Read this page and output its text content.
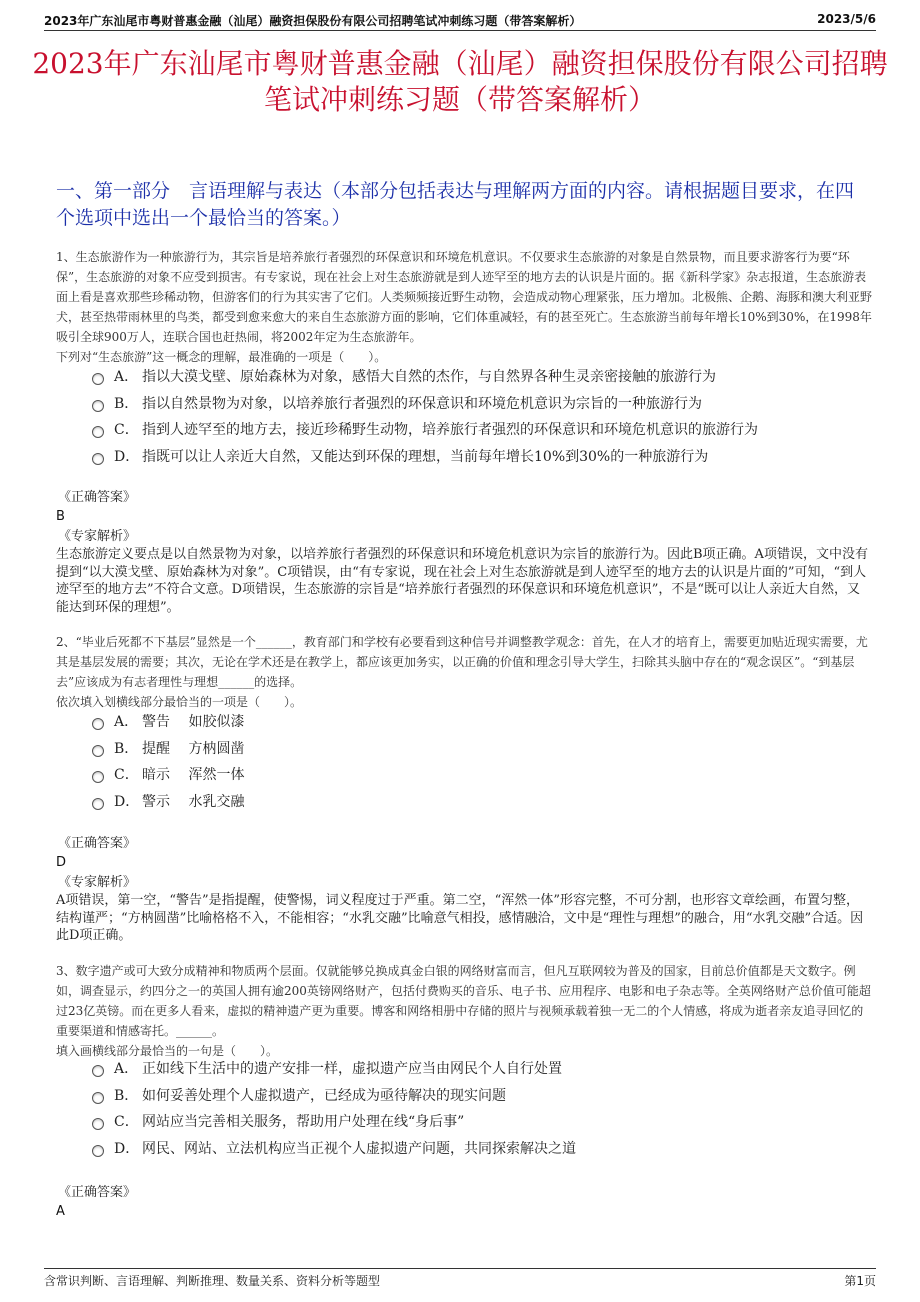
2023年广东汕尾市粤财普惠金融（汕尾）融资担保股份有限公司招聘笔试冲刺练习题（带答案解析）	2023/5/6
2023年广东汕尾市粤财普惠金融（汕尾）融资担保股份有限公司招聘笔试冲刺练习题（带答案解析）
一、第一部分　言语理解与表达（本部分包括表达与理解两方面的内容。请根据题目要求，在四个选项中选出一个最恰当的答案。）

1、生态旅游作为一种旅游行为，其宗旨是培养旅行者强烈的环保意识和环境危机意识。不仅要求生态旅游的对象是自然景物，而且要求游客行为要“环保”，生态旅游的对象不应受到损害。有专家说，现在社会上对生态旅游就是到人迹罕至的地方去的认识是片面的。据《新科学家》杂志报道，生态旅游表面上看是喜欢那些珍稀动物，但游客们的行为其实害了它们。人类频频接近野生动物，会造成动物心理紧张，压力增加。北极熊、企鹅、海豚和澳大利亚野犬，甚至热带雨林里的鸟类，都受到愈来愈大的来自生态旅游方面的影响，它们体重减轻，有的甚至死亡。生态旅游当前每年增长10%到30%，在1998年吸引全球900万人，连联合国也赶热闹，将2002年定为生态旅游年。

下列对“生态旅游”这一概念的理解，最准确的一项是（　　）。

A． 指以大漠戈壁、原始森林为对象，感悟大自然的杰作，与自然界各种生灵亲密接触的旅游行为
B． 指以自然景物为对象，以培养旅行者强烈的环保意识和环境危机意识为宗旨的一种旅游行为
C． 指到人迹罕至的地方去，接近珍稀野生动物，培养旅行者强烈的环保意识和环境危机意识的旅游行为
D． 指既可以让人亲近大自然，又能达到环保的理想，当前每年增长10%到30%的一种旅游行为
《正确答案》
B
《专家解析》
生态旅游定义要点是以自然景物为对象，以培养旅行者强烈的环保意识和环境危机意识为宗旨的旅游行为。因此B项正确。A项错误，文中没有提到“以大漠戈壁、原始森林为对象”。C项错误，由“有专家说，现在社会上对生态旅游就是到人迹罕至的地方去的认识是片面的”可知，“到人迹罕至的地方去”不符合文意。D项错误，生态旅游的宗旨是“培养旅行者强烈的环保意识和环境危机意识”，不是“既可以让人亲近大自然，又能达到环保的理想”。

2、“毕业后死都不下基层”显然是一个______，教育部门和学校有必要看到这种信号并调整教学观念：首先，在人才的培育上，需要更加贴近现实需要，尤其是基层发展的需要；其次，无论在学术还是在教学上，都应该更加务实，以正确的价值和理念引导大学生，扫除其头脑中存在的“观念误区”。“到基层去”应该成为有志者理性与理想______的选择。

依次填入划横线部分最恰当的一项是（　　）。

A． 警告　 如胶似漆
B． 提醒　 方枘圆凿
C． 暗示　 浑然一体
D． 警示　 水乳交融
《正确答案》
D
《专家解析》
A项错误，第一空，“警告”是指提醒，使警惕，词义程度过于严重。第二空，“浑然一体”形容完整，不可分割，也形容文章绘画，布置匀整，结构谨严；“方枘圆凿”比喻格格不入，不能相容；“水乳交融”比喻意气相投，感情融洽，文中是“理性与理想”的融合，用“水乳交融”合适。因此D项正确。

3、数字遗产或可大致分成精神和物质两个层面。仅就能够兑换成真金白银的网络财富而言，但凡互联网较为普及的国家，目前总价值都是天文数字。例如，调查显示，约四分之一的英国人拥有逾200英镑网络财产，包括付费购买的音乐、电子书、应用程序、电影和电子杂志等。全英网络财产总价值可能超过23亿英镑。而在更多人看来，虚拟的精神遗产更为重要。博客和网络相册中存储的照片与视频承载着独一无二的个人情感，将成为逝者亲友追寻回忆的重要渠道和情感寄托。______。

填入画横线部分最恰当的一句是（　　）。

A． 正如线下生活中的遗产安排一样，虚拟遗产应当由网民个人自行处置
B． 如何妥善处理个人虚拟遗产，已经成为亟待解决的现实问题
C． 网站应当完善相关服务，帮助用户处理在线“身后事”
D． 网民、网站、立法机构应当正视个人虚拟遗产问题，共同探索解决之道
《正确答案》
A
含常识判断、言语理解、判断推理、数量关系、资料分析等题型	第1页
